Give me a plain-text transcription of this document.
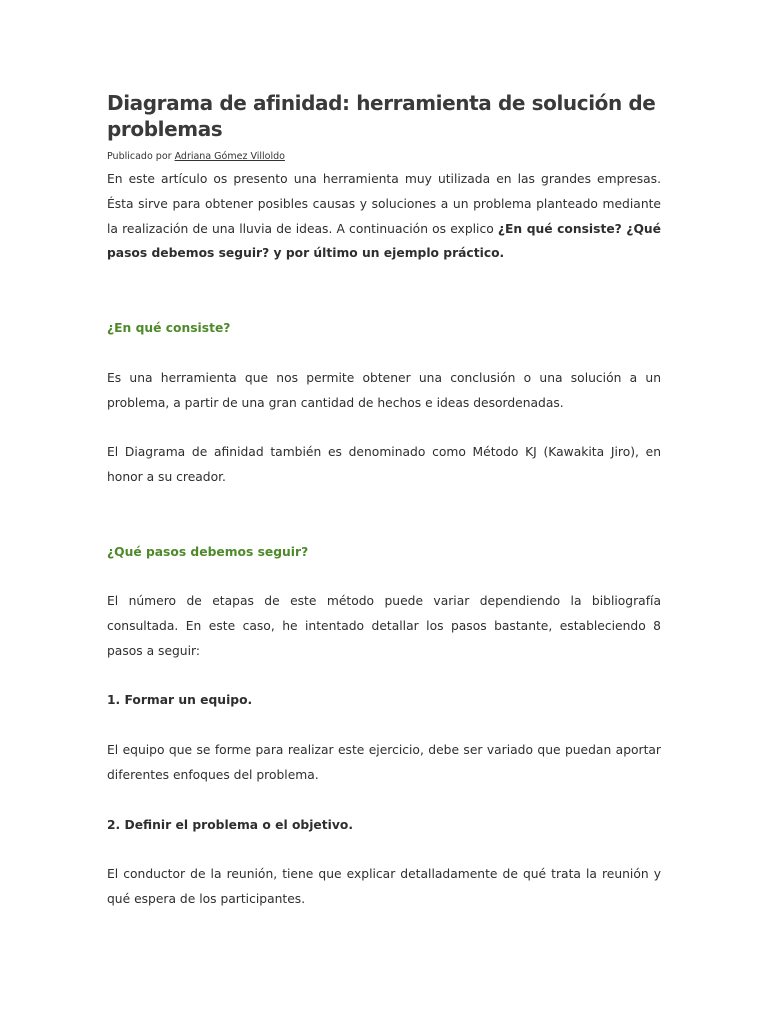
Diagrama de afinidad: herramienta de solución de problemas
Publicado por Adriana Gómez Villoldo

En este artículo os presento una herramienta muy utilizada en las grandes empresas. Ésta sirve para obtener posibles causas y soluciones a un problema planteado mediante la realización de una lluvia de ideas. A continuación os explico ¿En qué consiste? ¿Qué pasos debemos seguir? y por último un ejemplo práctico.

¿En qué consiste?

Es una herramienta que nos permite obtener una conclusión o una solución a un problema, a partir de una gran cantidad de hechos e ideas desordenadas.

El Diagrama de afinidad también es denominado como Método KJ (Kawakita Jiro), en honor a su creador.

¿Qué pasos debemos seguir?

El número de etapas de este método puede variar dependiendo la bibliografía consultada. En este caso, he intentado detallar los pasos bastante, estableciendo 8 pasos a seguir:

1. Formar un equipo.

El equipo que se forme para realizar este ejercicio, debe ser variado que puedan aportar diferentes enfoques del problema.

2. Definir el problema o el objetivo.

El conductor de la reunión, tiene que explicar detalladamente de qué trata la reunión y qué espera de los participantes.
